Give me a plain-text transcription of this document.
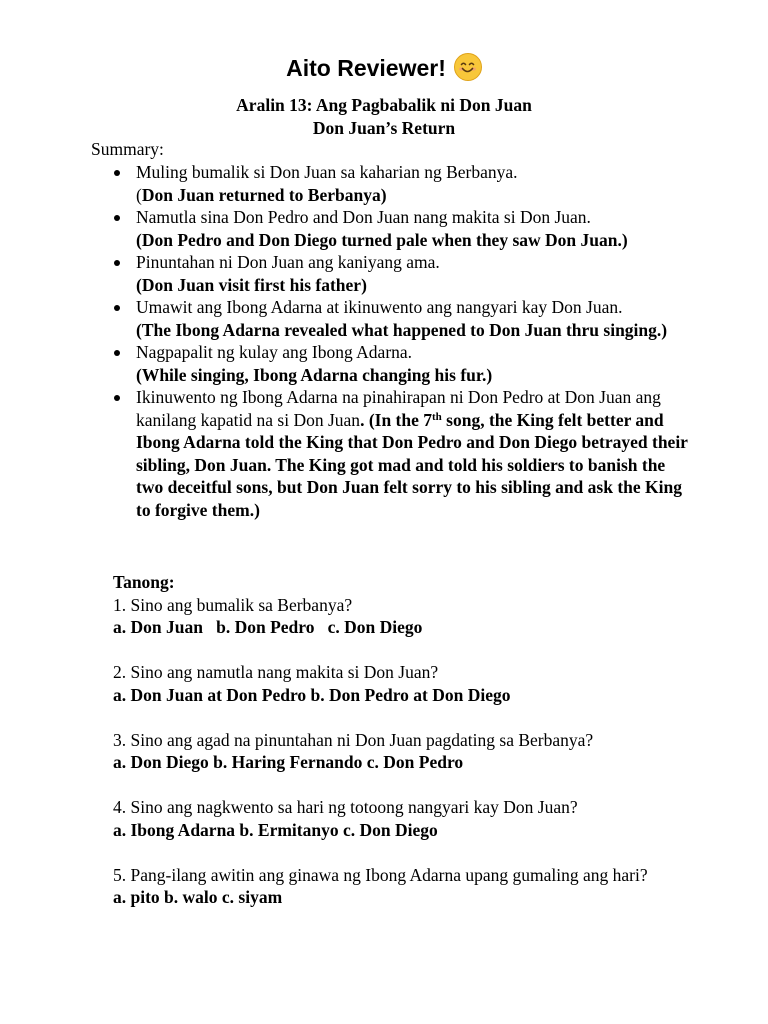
Aito Reviewer!
Aralin 13: Ang Pagbabalik ni Don Juan
Don Juan’s Return
Summary:
Muling bumalik si Don Juan sa kaharian ng Berbanya.
(Don Juan returned to Berbanya)
Namutla sina Don Pedro and Don Juan nang makita si Don Juan.
(Don Pedro and Don Diego turned pale when they saw Don Juan.)
Pinuntahan ni Don Juan ang kaniyang ama.
(Don Juan visit first his father)
Umawit ang Ibong Adarna at ikinuwento ang nangyari kay Don Juan.
(The Ibong Adarna revealed what happened to Don Juan thru singing.)
Nagpapalit ng kulay ang Ibong Adarna.
(While singing, Ibong Adarna changing his fur.)
Ikinuwento ng Ibong Adarna na pinahirapan ni Don Pedro at Don Juan ang kanilang kapatid na si Don Juan. (In the 7th song, the King felt better and Ibong Adarna told the King that Don Pedro and Don Diego betrayed their sibling, Don Juan. The King got mad and told his soldiers to banish the two deceitful sons, but Don Juan felt sorry to his sibling and ask the King to forgive them.)
Tanong:
1. Sino ang bumalik sa Berbanya?
a. Don Juan   b. Don Pedro   c. Don Diego
2. Sino ang namutla nang makita si Don Juan?
a. Don Juan at Don Pedro b. Don Pedro at Don Diego
3. Sino ang agad na pinuntahan ni Don Juan pagdating sa Berbanya?
a. Don Diego b. Haring Fernando c. Don Pedro
4. Sino ang nagkwento sa hari ng totoong nangyari kay Don Juan?
a. Ibong Adarna b. Ermitanyo c. Don Diego
5. Pang-ilang awitin ang ginawa ng Ibong Adarna upang gumaling ang hari?
a. pito b. walo c. siyam
